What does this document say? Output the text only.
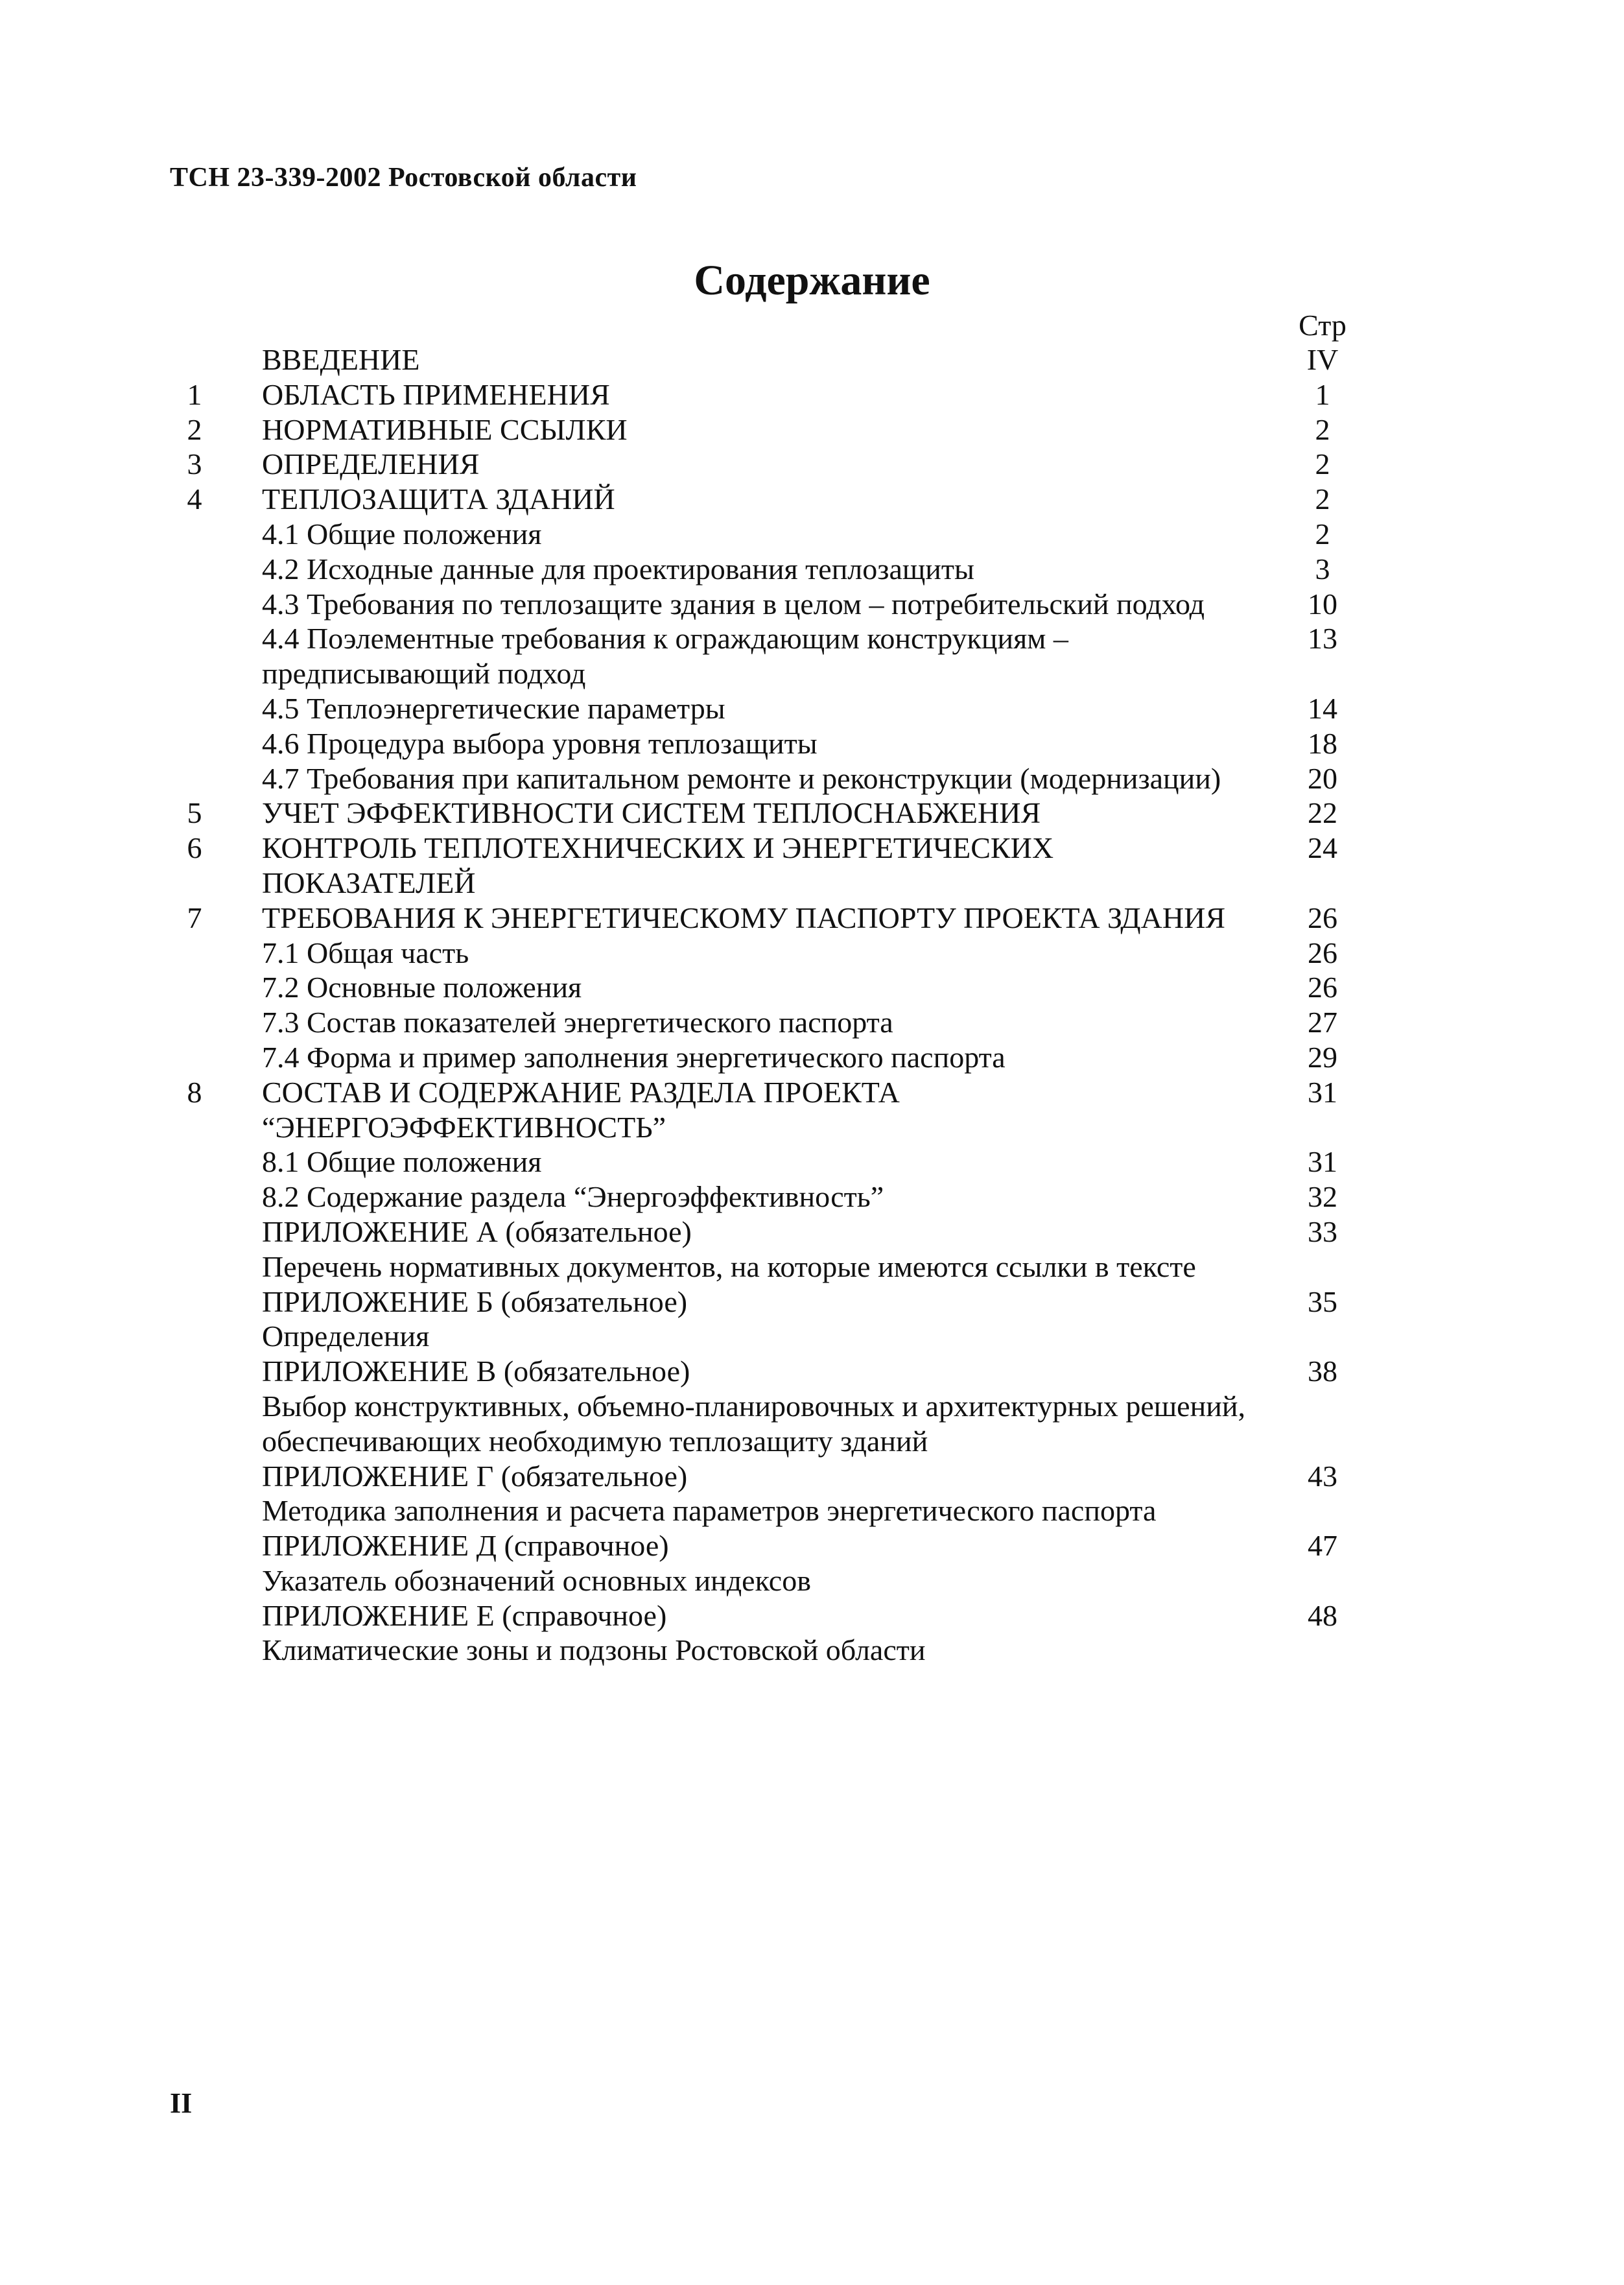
ТСН 23-339-2002 Ростовской области
Содержание
Стр
ВВЕДЕНИЕ	IV
1	ОБЛАСТЬ ПРИМЕНЕНИЯ	1
2	НОРМАТИВНЫЕ ССЫЛКИ	2
3	ОПРЕДЕЛЕНИЯ	2
4	ТЕПЛОЗАЩИТА ЗДАНИЙ	2
4.1 Общие положения	2
4.2 Исходные данные для проектирования теплозащиты	3
4.3 Требования по теплозащите здания в целом – потребительский подход	10
4.4 Поэлементные требования к ограждающим конструкциям –	13
предписывающий подход
4.5 Теплоэнергетические параметры	14
4.6 Процедура выбора уровня теплозащиты	18
4.7 Требования при капитальном ремонте и реконструкции (модернизации)	20
5	УЧЕТ ЭФФЕКТИВНОСТИ СИСТЕМ ТЕПЛОСНАБЖЕНИЯ	22
6	КОНТРОЛЬ ТЕПЛОТЕХНИЧЕСКИХ И ЭНЕРГЕТИЧЕСКИХ	24
ПОКАЗАТЕЛЕЙ
7	ТРЕБОВАНИЯ К ЭНЕРГЕТИЧЕСКОМУ ПАСПОРТУ ПРОЕКТА ЗДАНИЯ	26
7.1 Общая часть	26
7.2 Основные положения	26
7.3 Состав показателей энергетического паспорта	27
7.4 Форма и пример заполнения энергетического паспорта	29
8	СОСТАВ И СОДЕРЖАНИЕ РАЗДЕЛА ПРОЕКТА	31
“ЭНЕРГОЭФФЕКТИВНОСТЬ”
8.1 Общие положения	31
8.2 Содержание раздела “Энергоэффективность”	32
ПРИЛОЖЕНИЕ А (обязательное)	33
Перечень нормативных документов, на которые имеются ссылки в тексте
ПРИЛОЖЕНИЕ Б (обязательное)	35
Определения
ПРИЛОЖЕНИЕ В (обязательное)	38
Выбор конструктивных, объемно-планировочных и архитектурных решений,
обеспечивающих необходимую теплозащиту зданий
ПРИЛОЖЕНИЕ Г (обязательное)	43
Методика заполнения и расчета параметров энергетического паспорта
ПРИЛОЖЕНИЕ Д (справочное)	47
Указатель обозначений основных индексов
ПРИЛОЖЕНИЕ Е (справочное)	48
Климатические зоны и подзоны Ростовской области
II
